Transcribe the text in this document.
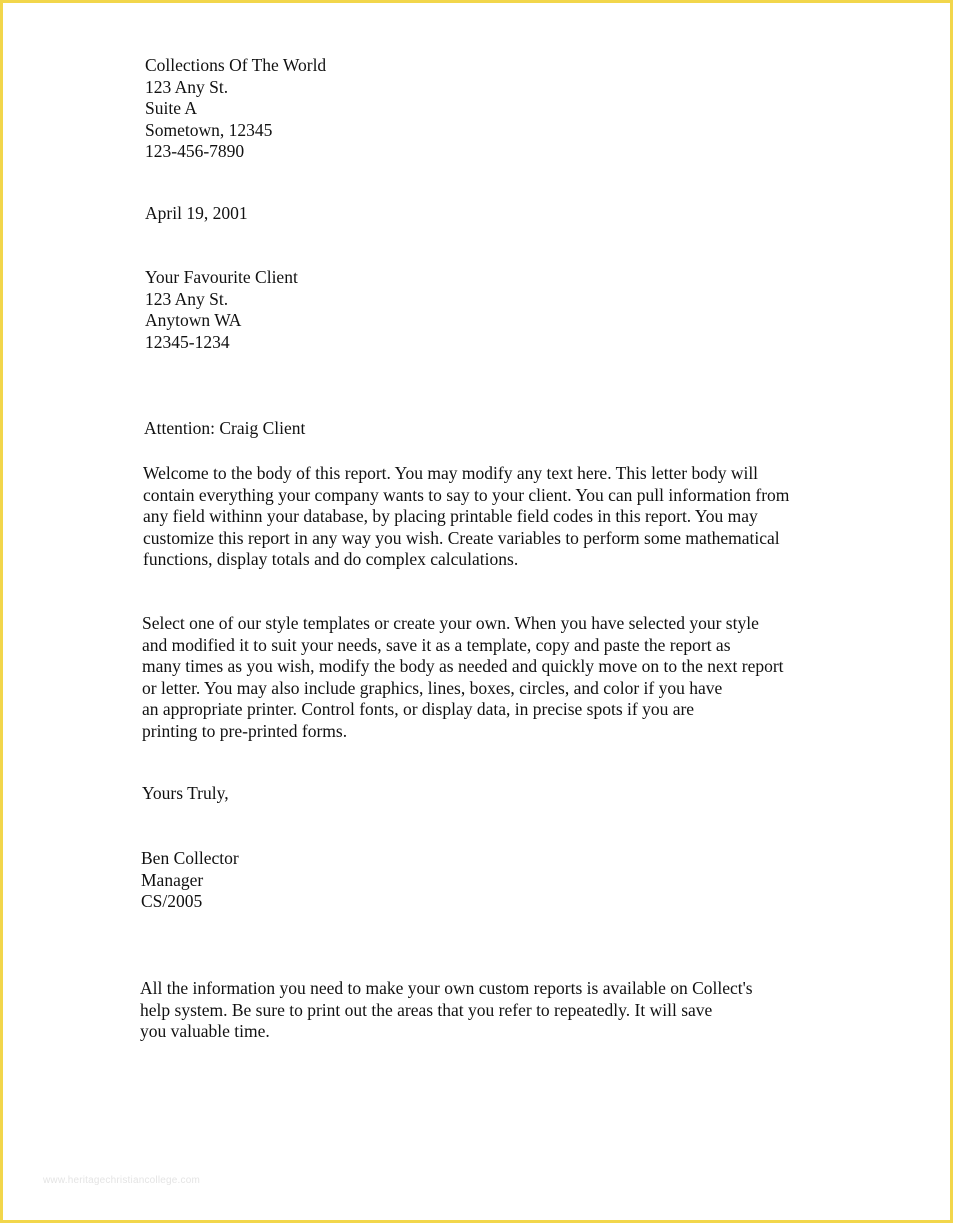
Collections Of The World
123 Any St.
Suite A
Sometown, 12345
123-456-7890
April 19, 2001
Your Favourite Client
123 Any St.
Anytown WA
12345-1234
Attention: Craig Client
Welcome to the body of this report. You may modify any text here. This letter body will
contain everything your company wants to say to your client. You can pull information from
any field withinn your database, by placing printable field codes in this report. You may
customize this report in any way you wish. Create variables to perform some mathematical
functions, display totals and do complex calculations.
Select one of our style templates or create your own. When you have selected your style
and modified it to suit your needs, save it as a template, copy and paste the report as
many times as you wish, modify the body as needed and quickly move on to the next report
or letter. You may also include graphics, lines, boxes, circles, and color if you have
an appropriate printer. Control fonts, or display data, in precise spots if you are
printing to pre-printed forms.
Yours Truly,
Ben Collector
Manager
CS/2005
All the information you need to make your own custom reports is available on Collect's
help system. Be sure to print out the areas that you refer to repeatedly. It will save
you valuable time.
www.heritagechristiancollege.com
